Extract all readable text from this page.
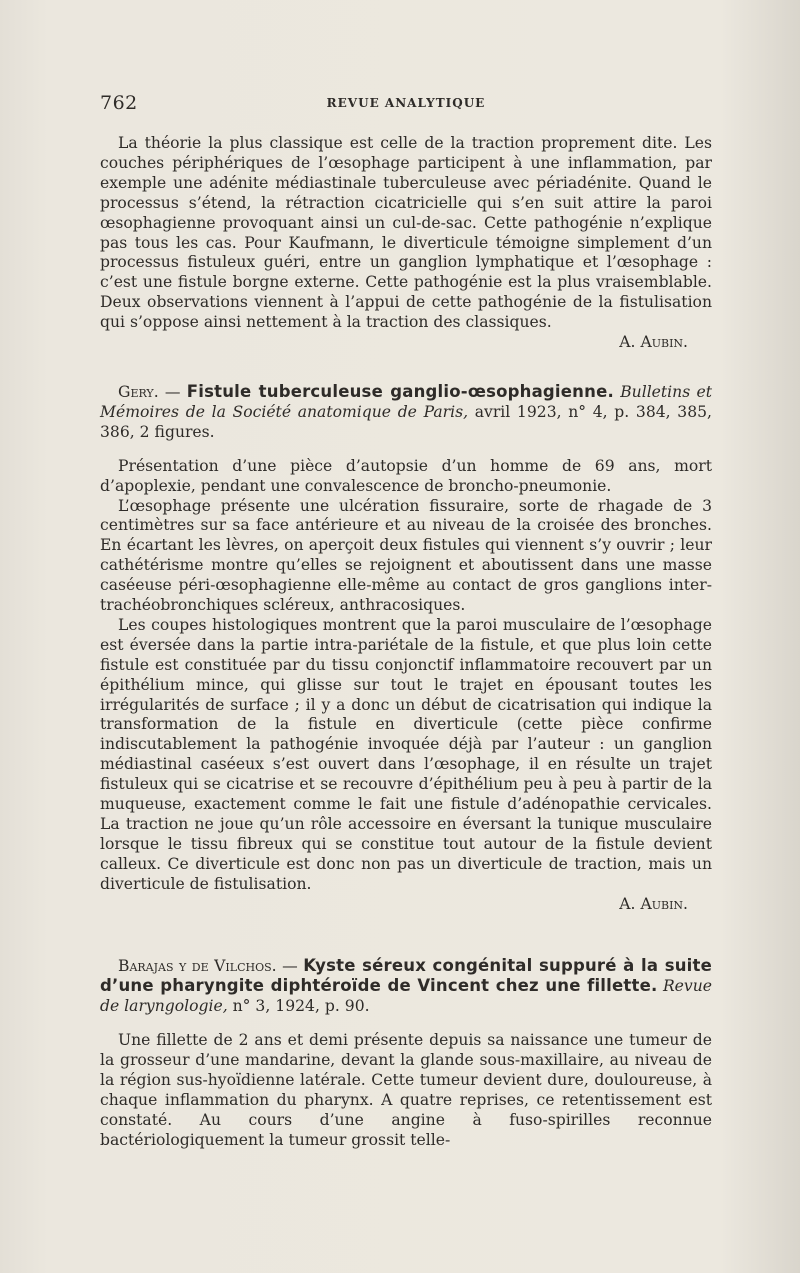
762	REVUE ANALYTIQUE

La théorie la plus classique est celle de la traction proprement dite. Les couches périphériques de l’œsophage participent à une inflammation, par exemple une adénite médiastinale tuberculeuse avec périadénite. Quand le processus s’étend, la rétraction cicatricielle qui s’en suit attire la paroi œsophagienne provoquant ainsi un cul-de-sac. Cette pathogénie n’explique pas tous les cas. Pour Kaufmann, le diverticule témoigne simplement d’un processus fistuleux guéri, entre un ganglion lymphatique et l’œsophage : c’est une fistule borgne externe. Cette pathogénie est la plus vraisemblable. Deux observations viennent à l’appui de cette pathogénie de la fistulisation qui s’oppose ainsi nettement à la traction des classiques.

A. Aubin.

Gery. — Fistule tuberculeuse ganglio-œsophagienne. Bulletins et Mémoires de la Société anatomique de Paris, avril 1923, n° 4, p. 384, 385, 386, 2 figures.

Présentation d’une pièce d’autopsie d’un homme de 69 ans, mort d’apoplexie, pendant une convalescence de broncho-pneumonie.

L’œsophage présente une ulcération fissuraire, sorte de rhagade de 3 centimètres sur sa face antérieure et au niveau de la croisée des bronches. En écartant les lèvres, on aperçoit deux fistules qui viennent s’y ouvrir ; leur cathétérisme montre qu’elles se rejoignent et aboutissent dans une masse caséeuse péri-œsophagienne elle-même au contact de gros ganglions inter-trachéobronchiques scléreux, anthracosiques.

Les coupes histologiques montrent que la paroi musculaire de l’œsophage est éversée dans la partie intra-pariétale de la fistule, et que plus loin cette fistule est constituée par du tissu conjonctif inflammatoire recouvert par un épithélium mince, qui glisse sur tout le trajet en épousant toutes les irrégularités de surface ; il y a donc un début de cicatrisation qui indique la transformation de la fistule en diverticule (cette pièce confirme indiscutablement la pathogénie invoquée déjà par l’auteur : un ganglion médiastinal caséeux s’est ouvert dans l’œsophage, il en résulte un trajet fistuleux qui se cicatrise et se recouvre d’épithélium peu à peu à partir de la muqueuse, exactement comme le fait une fistule d’adénopathie cervicales. La traction ne joue qu’un rôle accessoire en éversant la tunique musculaire lorsque le tissu fibreux qui se constitue tout autour de la fistule devient calleux. Ce diverticule est donc non pas un diverticule de traction, mais un diverticule de fistulisation.

A. Aubin.

Barajas y de Vilchos. — Kyste séreux congénital suppuré à la suite d’une pharyngite diphtéroïde de Vincent chez une fillette. Revue de laryngologie, n° 3, 1924, p. 90.

Une fillette de 2 ans et demi présente depuis sa naissance une tumeur de la grosseur d’une mandarine, devant la glande sous-maxillaire, au niveau de la région sus-hyoïdienne latérale. Cette tumeur devient dure, douloureuse, à chaque inflammation du pharynx. A quatre reprises, ce retentissement est constaté. Au cours d’une angine à fuso-spirilles reconnue bactériologiquement la tumeur grossit telle-
